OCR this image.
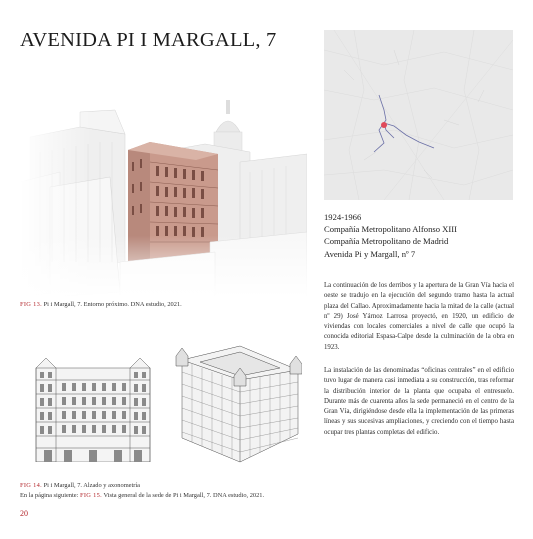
AVENIDA PI I MARGALL, 7
FIG 13. Pi i Margall, 7. Entorno próximo. DNA estudio, 2021.
1924-1966
Compañía Metropolitano Alfonso XIII
Compañía Metropolitano de Madrid
Avenida Pi y Margall, nº 7
La continuación de los derribos y la apertura de la Gran Vía hacia el oeste se tradujo en la ejecución del segundo tramo hasta la actual plaza del Callao. Aproximadamente hacia la mitad de la calle (actual nº 29) José Yárnoz Larrosa proyectó, en 1920, un edificio de viviendas con locales comerciales a nivel de calle que ocupó la conocida editorial Espasa-Calpe desde la culminación de la obra en 1923.
La instalación de las denominadas “oficinas centrales” en el edificio tuvo lugar de manera casi inmediata a su construcción, tras reformar la distribución interior de la planta que ocupaba el entresuelo. Durante más de cuarenta años la sede permaneció en el centro de la Gran Vía, dirigiéndose desde ella la implementación de las primeras líneas y sus sucesivas ampliaciones, y creciendo con el tiempo hasta ocupar tres plantas completas del edificio.
FIG 14. Pi i Margall, 7. Alzado y axonometría
En la página siguiente: FIG 15. Vista general de la sede de Pi i Margall, 7. DNA estudio, 2021.
20
